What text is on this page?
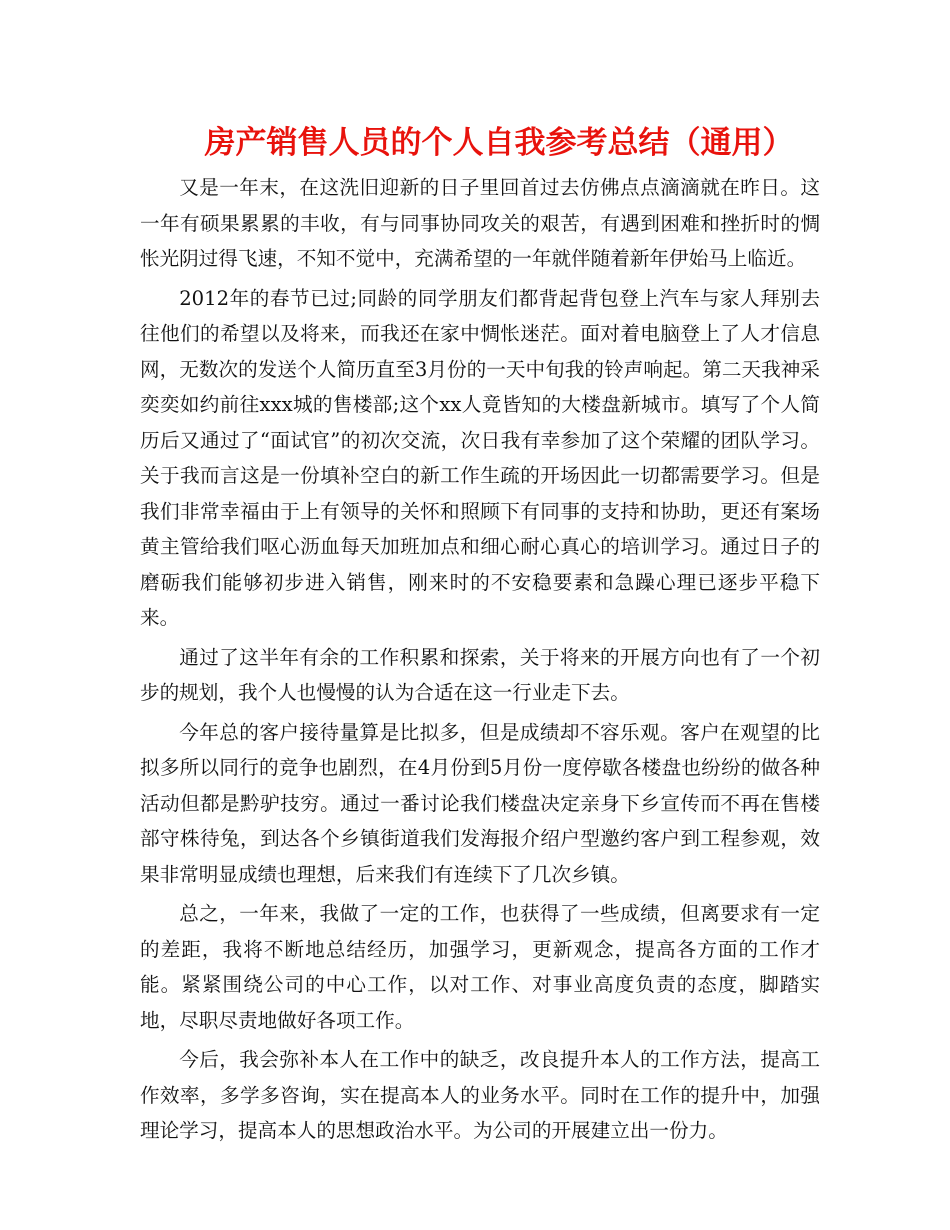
房产销售人员的个人自我参考总结（通用）

又是一年末，在这洗旧迎新的日子里回首过去仿佛点点滴滴就在昨日。这一年有硕果累累的丰收，有与同事协同攻关的艰苦，有遇到困难和挫折时的惆怅光阴过得飞速，不知不觉中，充满希望的一年就伴随着新年伊始马上临近。

2012年的春节已过;同龄的同学朋友们都背起背包登上汽车与家人拜别去往他们的希望以及将来，而我还在家中惆怅迷茫。面对着电脑登上了人才信息网，无数次的发送个人简历直至3月份的一天中旬我的铃声响起。第二天我神采奕奕如约前往xxx城的售楼部;这个xx人竟皆知的大楼盘新城市。填写了个人简历后又通过了“面试官”的初次交流，次日我有幸参加了这个荣耀的团队学习。关于我而言这是一份填补空白的新工作生疏的开场因此一切都需要学习。但是我们非常幸福由于上有领导的关怀和照顾下有同事的支持和协助，更还有案场黄主管给我们呕心沥血每天加班加点和细心耐心真心的培训学习。通过日子的磨砺我们能够初步进入销售，刚来时的不安稳要素和急躁心理已逐步平稳下来。

通过了这半年有余的工作积累和探索，关于将来的开展方向也有了一个初步的规划，我个人也慢慢的认为合适在这一行业走下去。

今年总的客户接待量算是比拟多，但是成绩却不容乐观。客户在观望的比拟多所以同行的竞争也剧烈，在4月份到5月份一度停歇各楼盘也纷纷的做各种活动但都是黔驴技穷。通过一番讨论我们楼盘决定亲身下乡宣传而不再在售楼部守株待兔，到达各个乡镇街道我们发海报介绍户型邀约客户到工程参观，效果非常明显成绩也理想，后来我们有连续下了几次乡镇。

总之，一年来，我做了一定的工作，也获得了一些成绩，但离要求有一定的差距，我将不断地总结经历，加强学习，更新观念，提高各方面的工作才能。紧紧围绕公司的中心工作，以对工作、对事业高度负责的态度，脚踏实地，尽职尽责地做好各项工作。

今后，我会弥补本人在工作中的缺乏，改良提升本人的工作方法，提高工作效率，多学多咨询，实在提高本人的业务水平。同时在工作的提升中，加强理论学习，提高本人的思想政治水平。为公司的开展建立出一份力。
